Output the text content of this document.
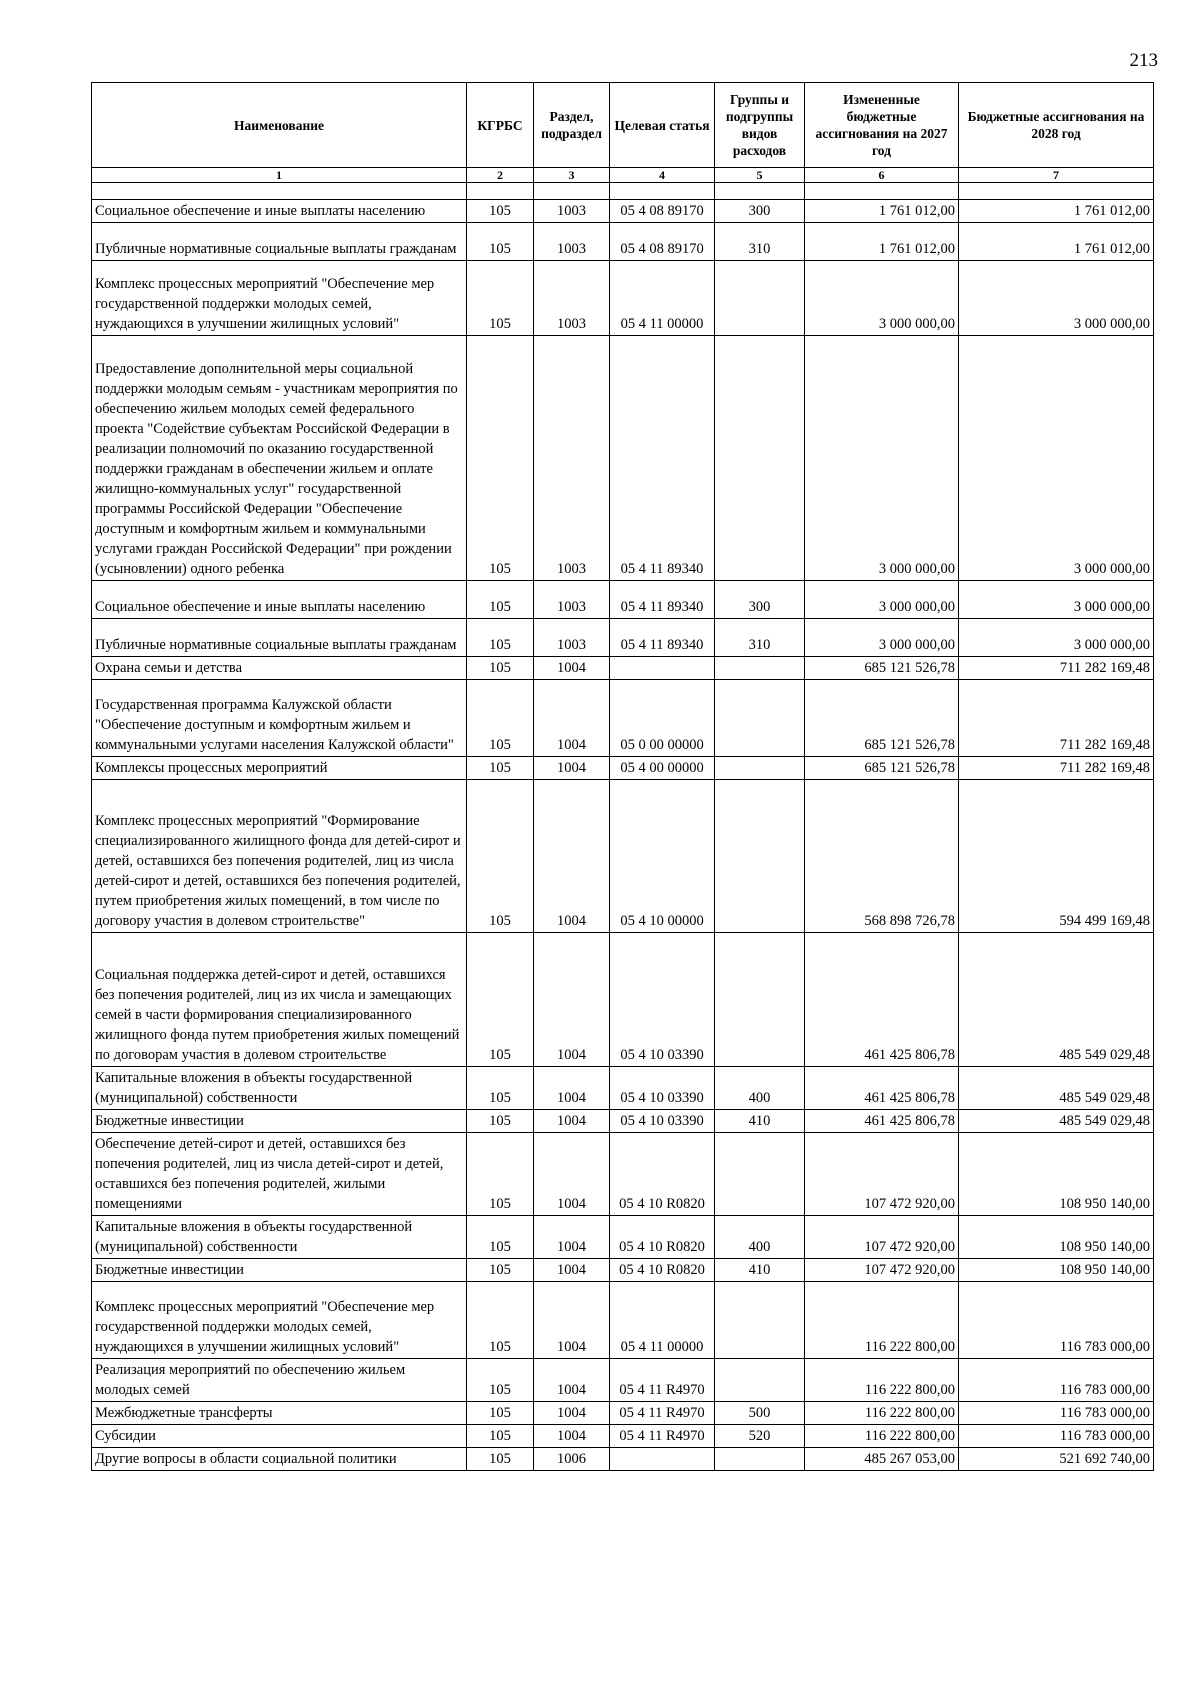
213
Наименование	КГРБС	Раздел, подраздел	Целевая статья	Группы и подгруппы видов расходов	Измененные бюджетные ассигнования на 2027 год	Бюджетные ассигнования на 2028 год
1	2	3	4	5	6	7

Социальное обеспечение и иные выплаты населению	105	1003	05 4 08 89170	300	1 761 012,00	1 761 012,00
Публичные нормативные социальные выплаты гражданам	105	1003	05 4 08 89170	310	1 761 012,00	1 761 012,00
Комплекс процессных мероприятий "Обеспечение мер государственной поддержки молодых семей, нуждающихся в улучшении жилищных условий"	105	1003	05 4 11 00000		3 000 000,00	3 000 000,00
Предоставление дополнительной меры социальной поддержки молодым семьям - участникам мероприятия по обеспечению жильем молодых семей федерального проекта "Содействие субъектам Российской Федерации в реализации полномочий по оказанию государственной поддержки гражданам в обеспечении жильем и оплате жилищно-коммунальных услуг" государственной программы Российской Федерации "Обеспечение доступным и комфортным жильем и коммунальными услугами граждан Российской Федерации" при рождении (усыновлении) одного ребенка	105	1003	05 4 11 89340		3 000 000,00	3 000 000,00
Социальное обеспечение и иные выплаты населению	105	1003	05 4 11 89340	300	3 000 000,00	3 000 000,00
Публичные нормативные социальные выплаты гражданам	105	1003	05 4 11 89340	310	3 000 000,00	3 000 000,00
Охрана семьи и детства	105	1004			685 121 526,78	711 282 169,48
Государственная программа Калужской области "Обеспечение доступным и комфортным жильем и коммунальными услугами населения Калужской области"	105	1004	05 0 00 00000		685 121 526,78	711 282 169,48
Комплексы процессных мероприятий	105	1004	05 4 00 00000		685 121 526,78	711 282 169,48
Комплекс процессных мероприятий "Формирование специализированного жилищного фонда для детей-сирот и детей, оставшихся без попечения родителей, лиц из числа детей-сирот и детей, оставшихся без попечения родителей, путем приобретения жилых помещений, в том числе по договору участия в долевом строительстве"	105	1004	05 4 10 00000		568 898 726,78	594 499 169,48
Социальная поддержка детей-сирот и детей, оставшихся без попечения родителей, лиц из их числа и замещающих семей в части формирования специализированного жилищного фонда путем приобретения жилых помещений по договорам участия в долевом строительстве	105	1004	05 4 10 03390		461 425 806,78	485 549 029,48
Капитальные вложения в объекты государственной (муниципальной) собственности	105	1004	05 4 10 03390	400	461 425 806,78	485 549 029,48
Бюджетные инвестиции	105	1004	05 4 10 03390	410	461 425 806,78	485 549 029,48
Обеспечение детей-сирот и детей, оставшихся без попечения родителей, лиц из числа детей-сирот и детей, оставшихся без попечения родителей, жилыми помещениями	105	1004	05 4 10 R0820		107 472 920,00	108 950 140,00
Капитальные вложения в объекты государственной (муниципальной) собственности	105	1004	05 4 10 R0820	400	107 472 920,00	108 950 140,00
Бюджетные инвестиции	105	1004	05 4 10 R0820	410	107 472 920,00	108 950 140,00
Комплекс процессных мероприятий "Обеспечение мер государственной поддержки молодых семей, нуждающихся в улучшении жилищных условий"	105	1004	05 4 11 00000		116 222 800,00	116 783 000,00
Реализация мероприятий по обеспечению жильем молодых семей	105	1004	05 4 11 R4970		116 222 800,00	116 783 000,00
Межбюджетные трансферты	105	1004	05 4 11 R4970	500	116 222 800,00	116 783 000,00
Субсидии	105	1004	05 4 11 R4970	520	116 222 800,00	116 783 000,00
Другие вопросы в области социальной политики	105	1006			485 267 053,00	521 692 740,00
